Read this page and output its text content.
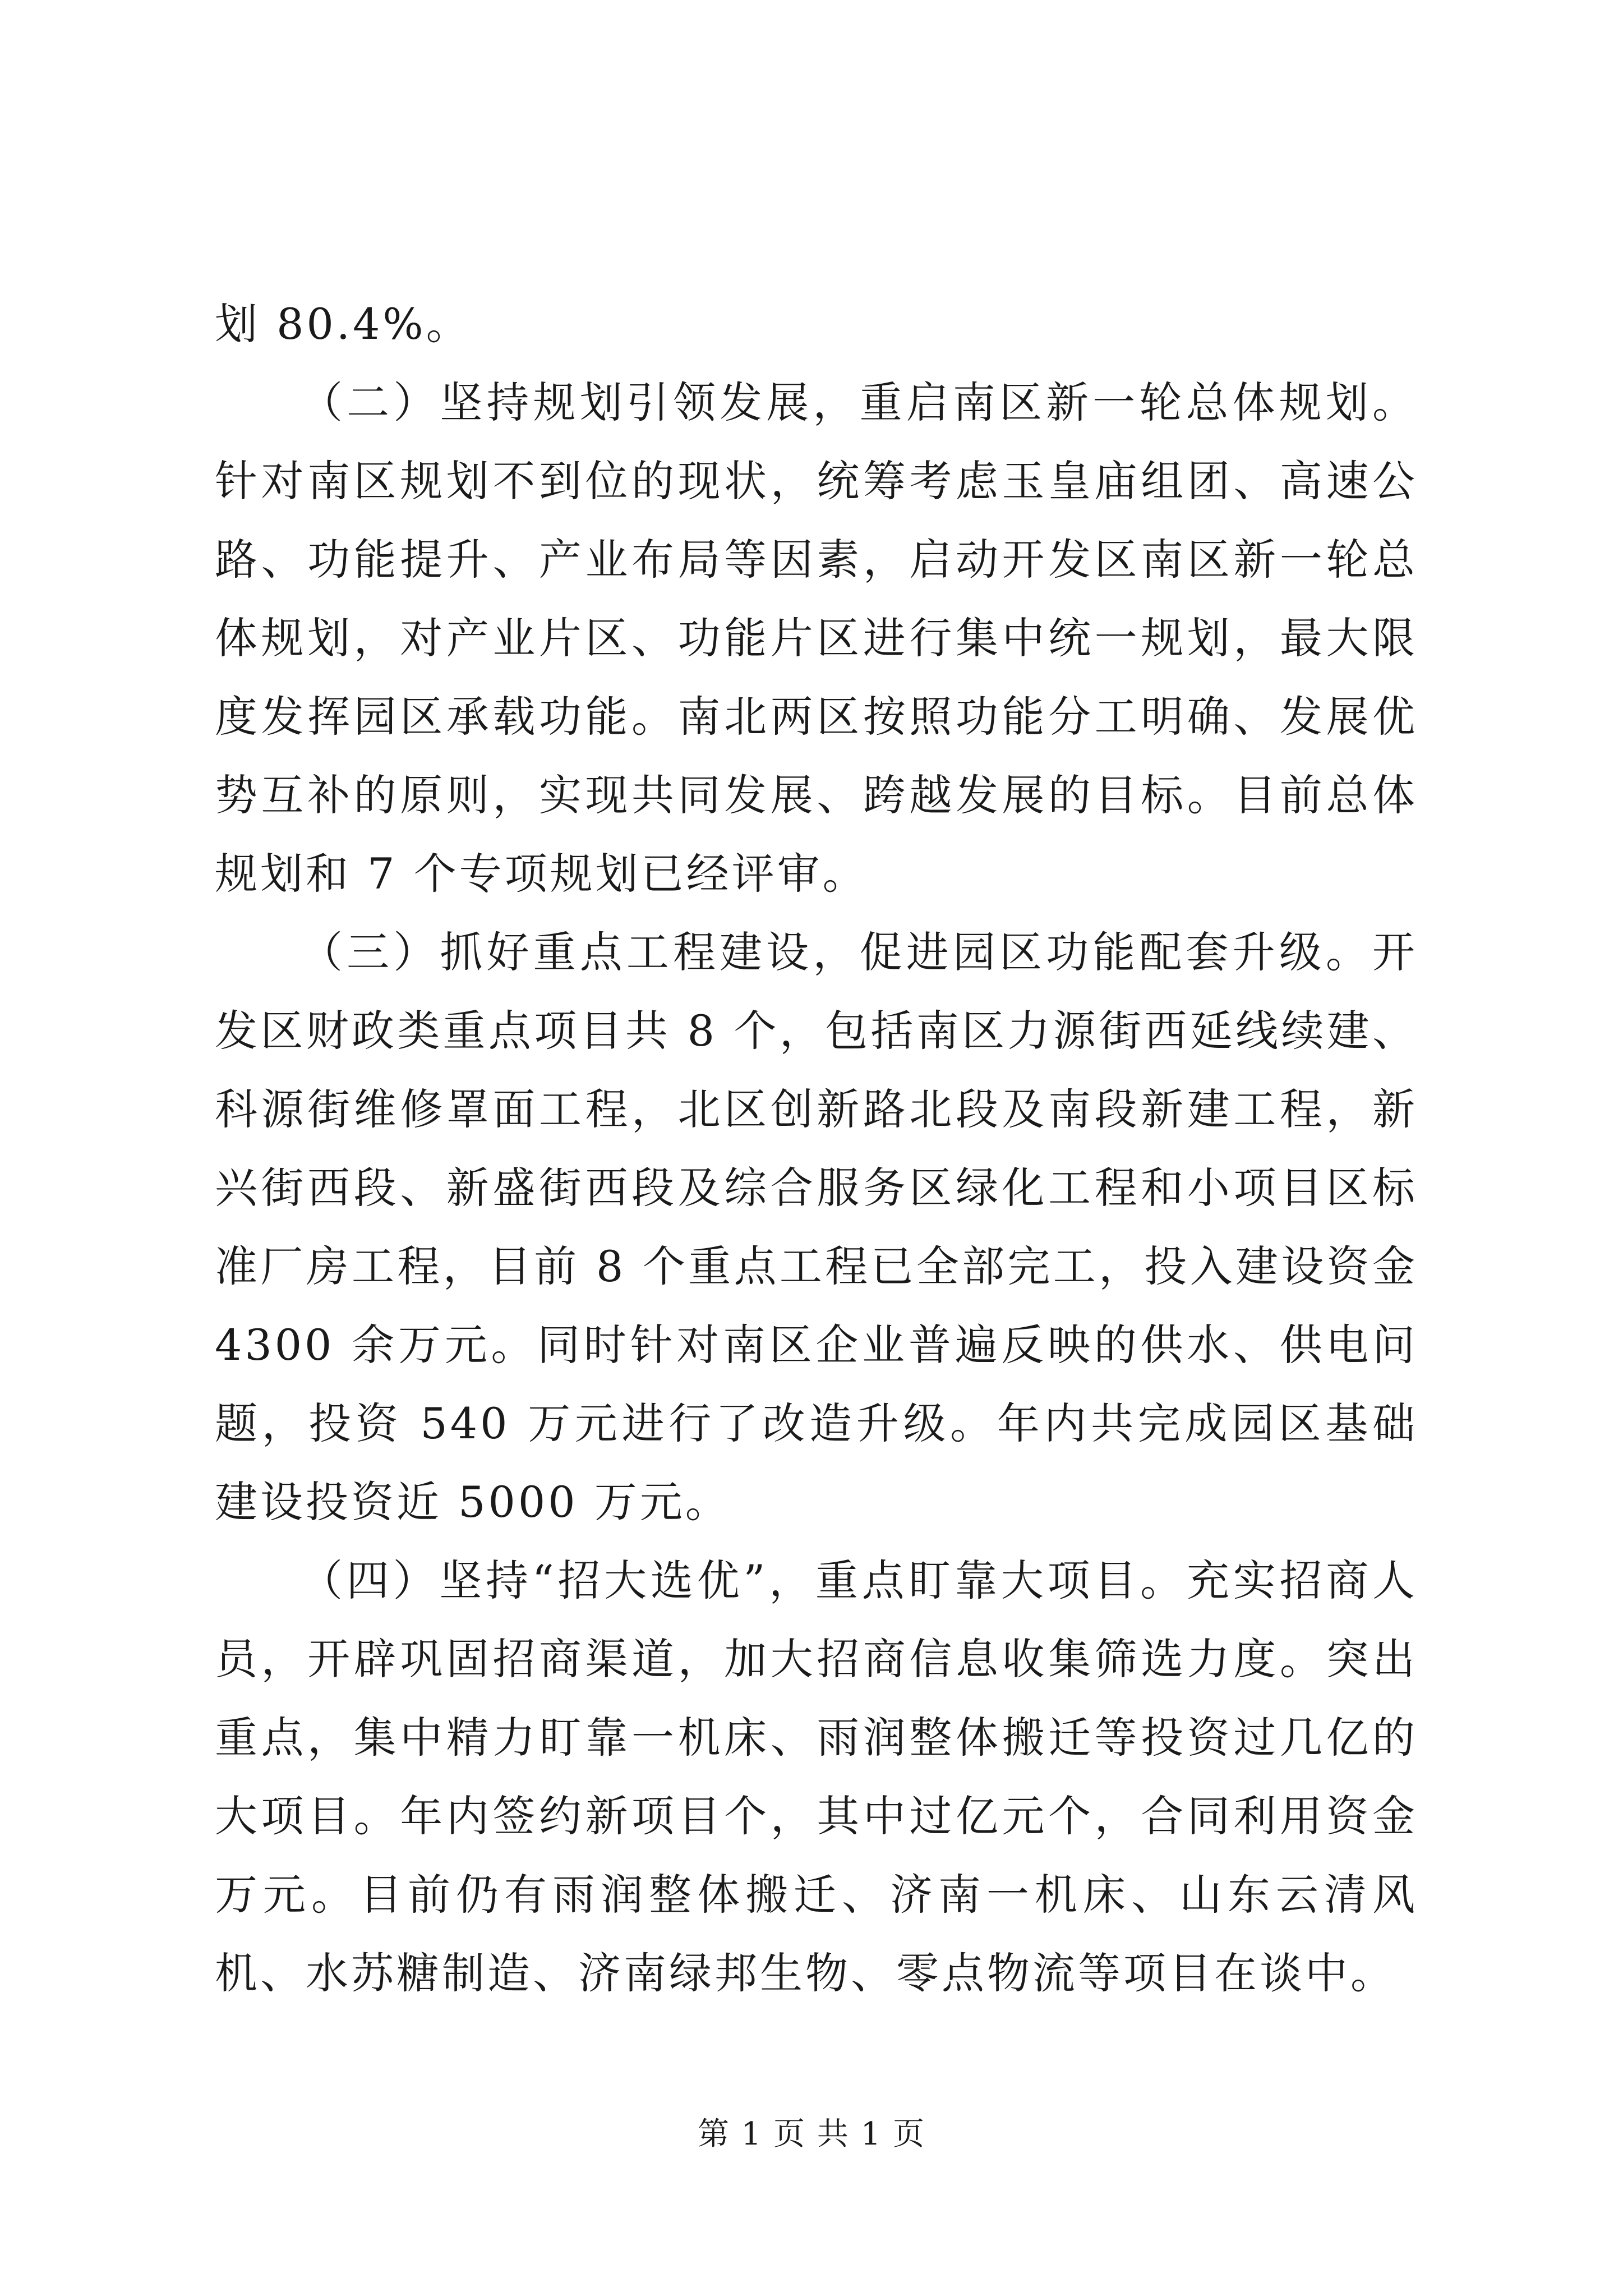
划 80.4%。

（二）坚持规划引领发展，重启南区新一轮总体规划。针对南区规划不到位的现状，统筹考虑玉皇庙组团、高速公路、功能提升、产业布局等因素，启动开发区南区新一轮总体规划，对产业片区、功能片区进行集中统一规划，最大限度发挥园区承载功能。南北两区按照功能分工明确、发展优势互补的原则，实现共同发展、跨越发展的目标。目前总体规划和 7 个专项规划已经评审。

（三）抓好重点工程建设，促进园区功能配套升级。开发区财政类重点项目共 8 个，包括南区力源街西延线续建、科源街维修罩面工程，北区创新路北段及南段新建工程，新兴街西段、新盛街西段及综合服务区绿化工程和小项目区标准厂房工程，目前 8 个重点工程已全部完工，投入建设资金 4300 余万元。同时针对南区企业普遍反映的供水、供电问题，投资 540 万元进行了改造升级。年内共完成园区基础建设投资近 5000 万元。

（四）坚持“招大选优”，重点盯靠大项目。充实招商人员，开辟巩固招商渠道，加大招商信息收集筛选力度。突出重点，集中精力盯靠一机床、雨润整体搬迁等投资过几亿的大项目。年内签约新项目个，其中过亿元个，合同利用资金万元。目前仍有雨润整体搬迁、济南一机床、山东云清风机、水苏糖制造、济南绿邦生物、零点物流等项目在谈中。

第 1 页 共 1 页
